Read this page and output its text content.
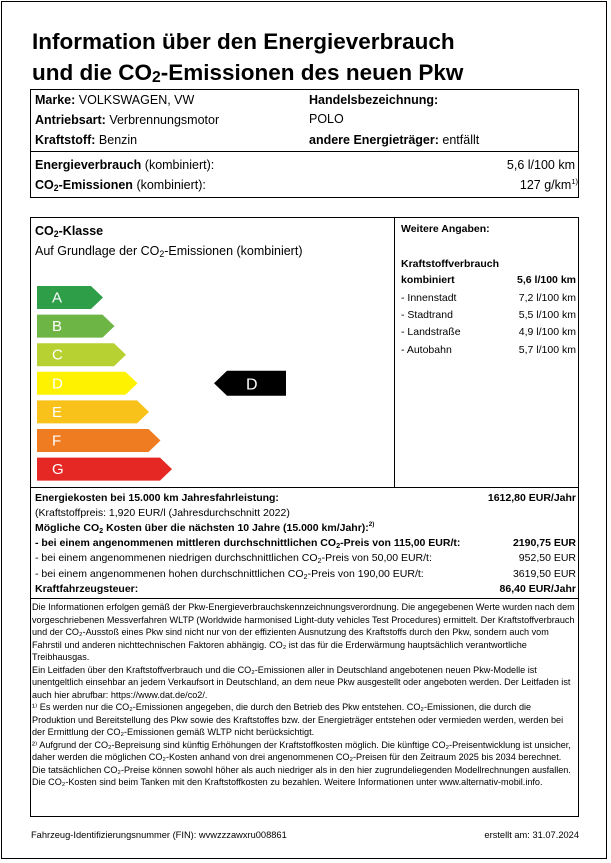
Information über den Energieverbrauch
und die $CO_2$-Emissionen des neuen Pkw
Marke: VOLKSWAGEN, VW
Antriebsart: Verbrennungsmotor
Kraftstoff: Benzin
Handelsbezeichnung:
POLO
andere Energieträger: entfällt
Energieverbrauch (kombiniert):	5,6 l/100 km
$CO_2$-Emissionen (kombiniert):	127 $g/km^{1)}$
$CO_2$-Klasse
Auf Grundlage der $CO_2$-Emissionen (kombiniert)
A
B
C
D
E
F
G
D
Weitere Angaben:
Kraftstoffverbrauch
kombiniert	5,6 l/100 km
- Innenstadt	7,2 l/100 km
- Stadtrand	5,5 l/100 km
- Landstraße	4,9 l/100 km
- Autobahn	5,7 l/100 km
Energiekosten bei 15.000 km Jahresfahrleistung:	1612,80 EUR/Jahr
(Kraftstoffpreis: 1,920 EUR/l (Jahresdurchschnitt 2022)
Mögliche $CO_2$ Kosten über die nächsten 10 Jahre (15.000 km/Jahr):$^{2)}$
- bei einem angenommenen mittleren durchschnittlichen $CO_2$-Preis von 115,00 EUR/t:	2190,75 EUR
- bei einem angenommenen niedrigen durchschnittlichen $CO_2$-Preis von 50,00 EUR/t:	952,50 EUR
- bei einem angenommenen hohen durchschnittlichen $CO_2$-Preis von 190,00 EUR/t:	3619,50 EUR
Kraftfahrzeugsteuer:	86,40 EUR/Jahr

Die Informationen erfolgen gemäß der Pkw-Energieverbrauchskennzeichnungsverordnung. Die angegebenen Werte wurden nach dem vorgeschriebenen Messverfahren WLTP (Worldwide harmonised Light-duty vehicles Test Procedures) ermittelt. Der Kraftstoffverbrauch und der CO₂-Ausstoß eines Pkw sind nicht nur von der effizienten Ausnutzung des Kraftstoffs durch den Pkw, sondern auch vom Fahrstil und anderen nichttechnischen Faktoren abhängig. CO₂ ist das für die Erderwärmung hauptsächlich verantwortliche Treibhausgas.

Ein Leitfaden über den Kraftstoffverbrauch und die CO₂-Emissionen aller in Deutschland angebotenen neuen Pkw-Modelle ist unentgeltlich einsehbar an jedem Verkaufsort in Deutschland, an dem neue Pkw ausgestellt oder angeboten werden. Der Leitfaden ist auch hier abrufbar: https://www.dat.de/co2/.

¹⁾ Es werden nur die CO₂-Emissionen angegeben, die durch den Betrieb des Pkw entstehen. CO₂-Emissionen, die durch die Produktion und Bereitstellung des Pkw sowie des Kraftstoffes bzw. der Energieträger entstehen oder vermieden werden, werden bei der Ermittlung der CO₂-Emissionen gemäß WLTP nicht berücksichtigt.

²⁾ Aufgrund der CO₂-Bepreisung sind künftig Erhöhungen der Kraftstoffkosten möglich. Die künftige CO₂-Preisentwicklung ist unsicher, daher werden die möglichen CO₂-Kosten anhand von drei angenommenen CO₂-Preisen für den Zeitraum 2025 bis 2034 berechnet. Die tatsächlichen CO₂-Preise können sowohl höher als auch niedriger als in den hier zugrundeliegenden Modellrechnungen ausfallen. Die CO₂-Kosten sind beim Tanken mit den Kraftstoffkosten zu bezahlen. Weitere Informationen unter www.alternativ-mobil.info.

Fahrzeug-Identifizierungsnummer (FIN): wvwzzzawxru008861	erstellt am: 31.07.2024
